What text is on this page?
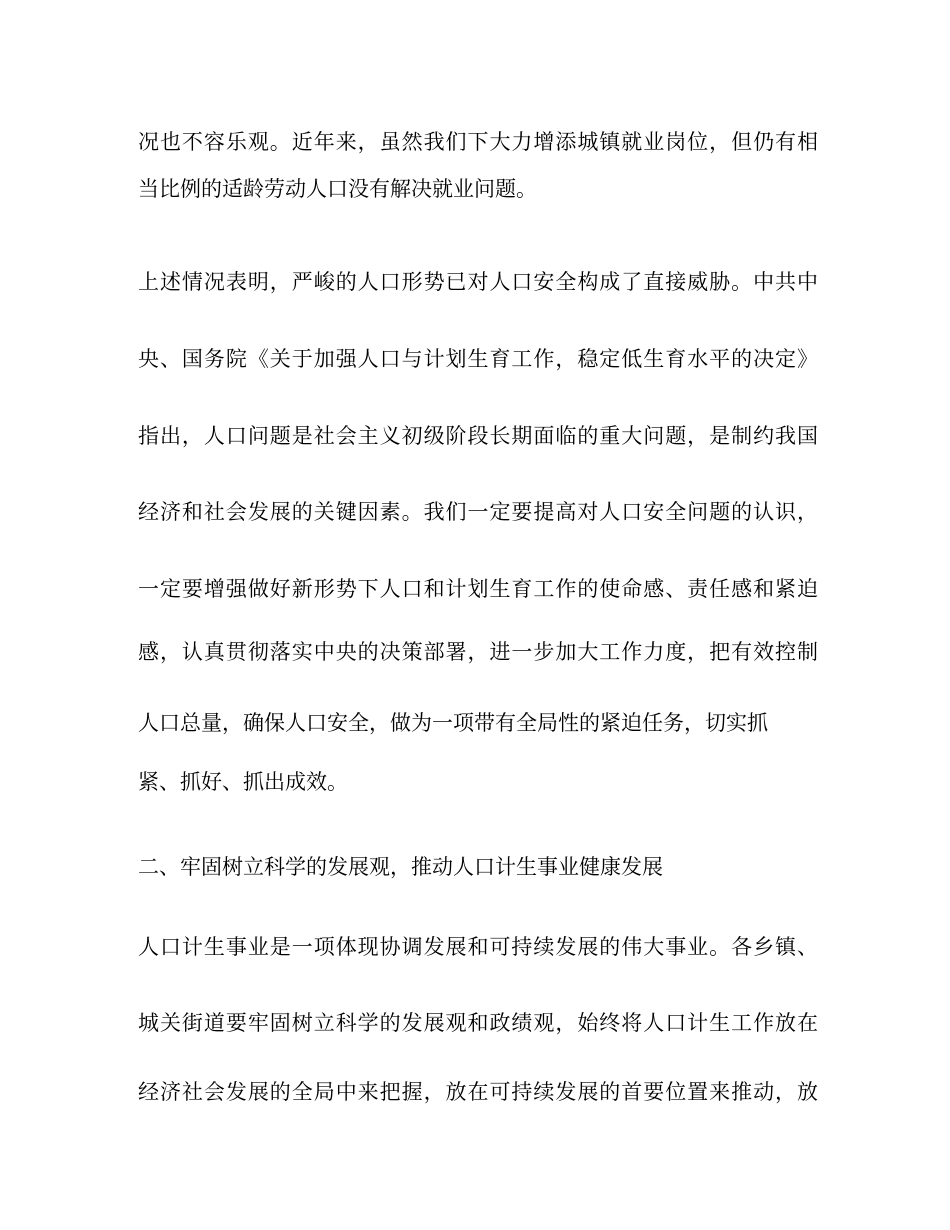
况也不容乐观。近年来，虽然我们下大力增添城镇就业岗位，但仍有相

当比例的适龄劳动人口没有解决就业问题。

上述情况表明，严峻的人口形势已对人口安全构成了直接威胁。中共中

央、国务院《关于加强人口与计划生育工作，稳定低生育水平的决定》

指出，人口问题是社会主义初级阶段长期面临的重大问题，是制约我国

经济和社会发展的关键因素。我们一定要提高对人口安全问题的认识，

一定要增强做好新形势下人口和计划生育工作的使命感、责任感和紧迫

感，认真贯彻落实中央的决策部署，进一步加大工作力度，把有效控制

人口总量，确保人口安全，做为一项带有全局性的紧迫任务，切实抓

紧、抓好、抓出成效。

二、牢固树立科学的发展观，推动人口计生事业健康发展

人口计生事业是一项体现协调发展和可持续发展的伟大事业。各乡镇、

城关街道要牢固树立科学的发展观和政绩观，始终将人口计生工作放在

经济社会发展的全局中来把握，放在可持续发展的首要位置来推动，放
